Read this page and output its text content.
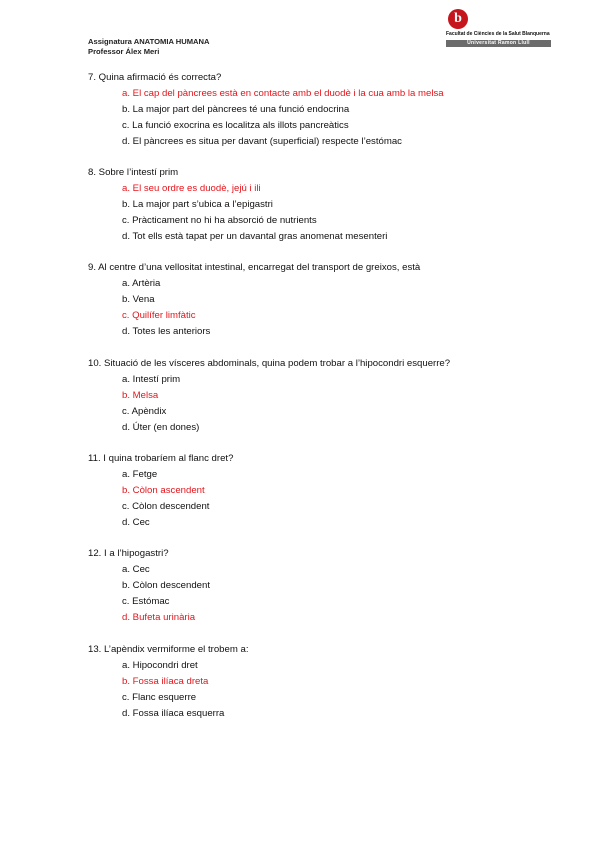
Assignatura ANATOMIA HUMANA
Professor Álex Meri
b
Facultat de Ciències de la Salut Blanquerna
Universitat Ramon Llull
7. Quina afirmació és correcta?
a. El cap del pàncrees està en contacte amb el duodè i la cua amb la melsa
b. La major part del pàncrees té una funció endocrina
c. La funció exocrina es localitza als illots pancreàtics
d. El pàncrees es situa per davant (superficial) respecte l’estómac
8. Sobre l’intestí prim
a. El seu ordre es duodè, jejú i ili
b. La major part s’ubica a l’epigastri
c. Pràcticament no hi ha absorció de nutrients
d. Tot ells està tapat per un davantal gras anomenat mesenteri
9. Al centre d’una vellositat intestinal, encarregat del transport de greixos, està
a. Artèria
b. Vena
c. Quilífer limfàtic
d. Totes les anteriors
10. Situació de les vísceres abdominals, quina podem trobar a l’hipocondri esquerre?
a. Intestí prim
b. Melsa
c. Apèndix
d. Úter (en dones)
11. I quina trobaríem al flanc dret?
a. Fetge
b. Còlon ascendent
c. Còlon descendent
d. Cec
12. I a l’hipogastri?
a. Cec
b. Còlon descendent
c. Estómac
d. Bufeta urinària
13. L’apèndix vermiforme el trobem a:
a. Hipocondri dret
b. Fossa ilíaca dreta
c. Flanc esquerre
d. Fossa ilíaca esquerra
